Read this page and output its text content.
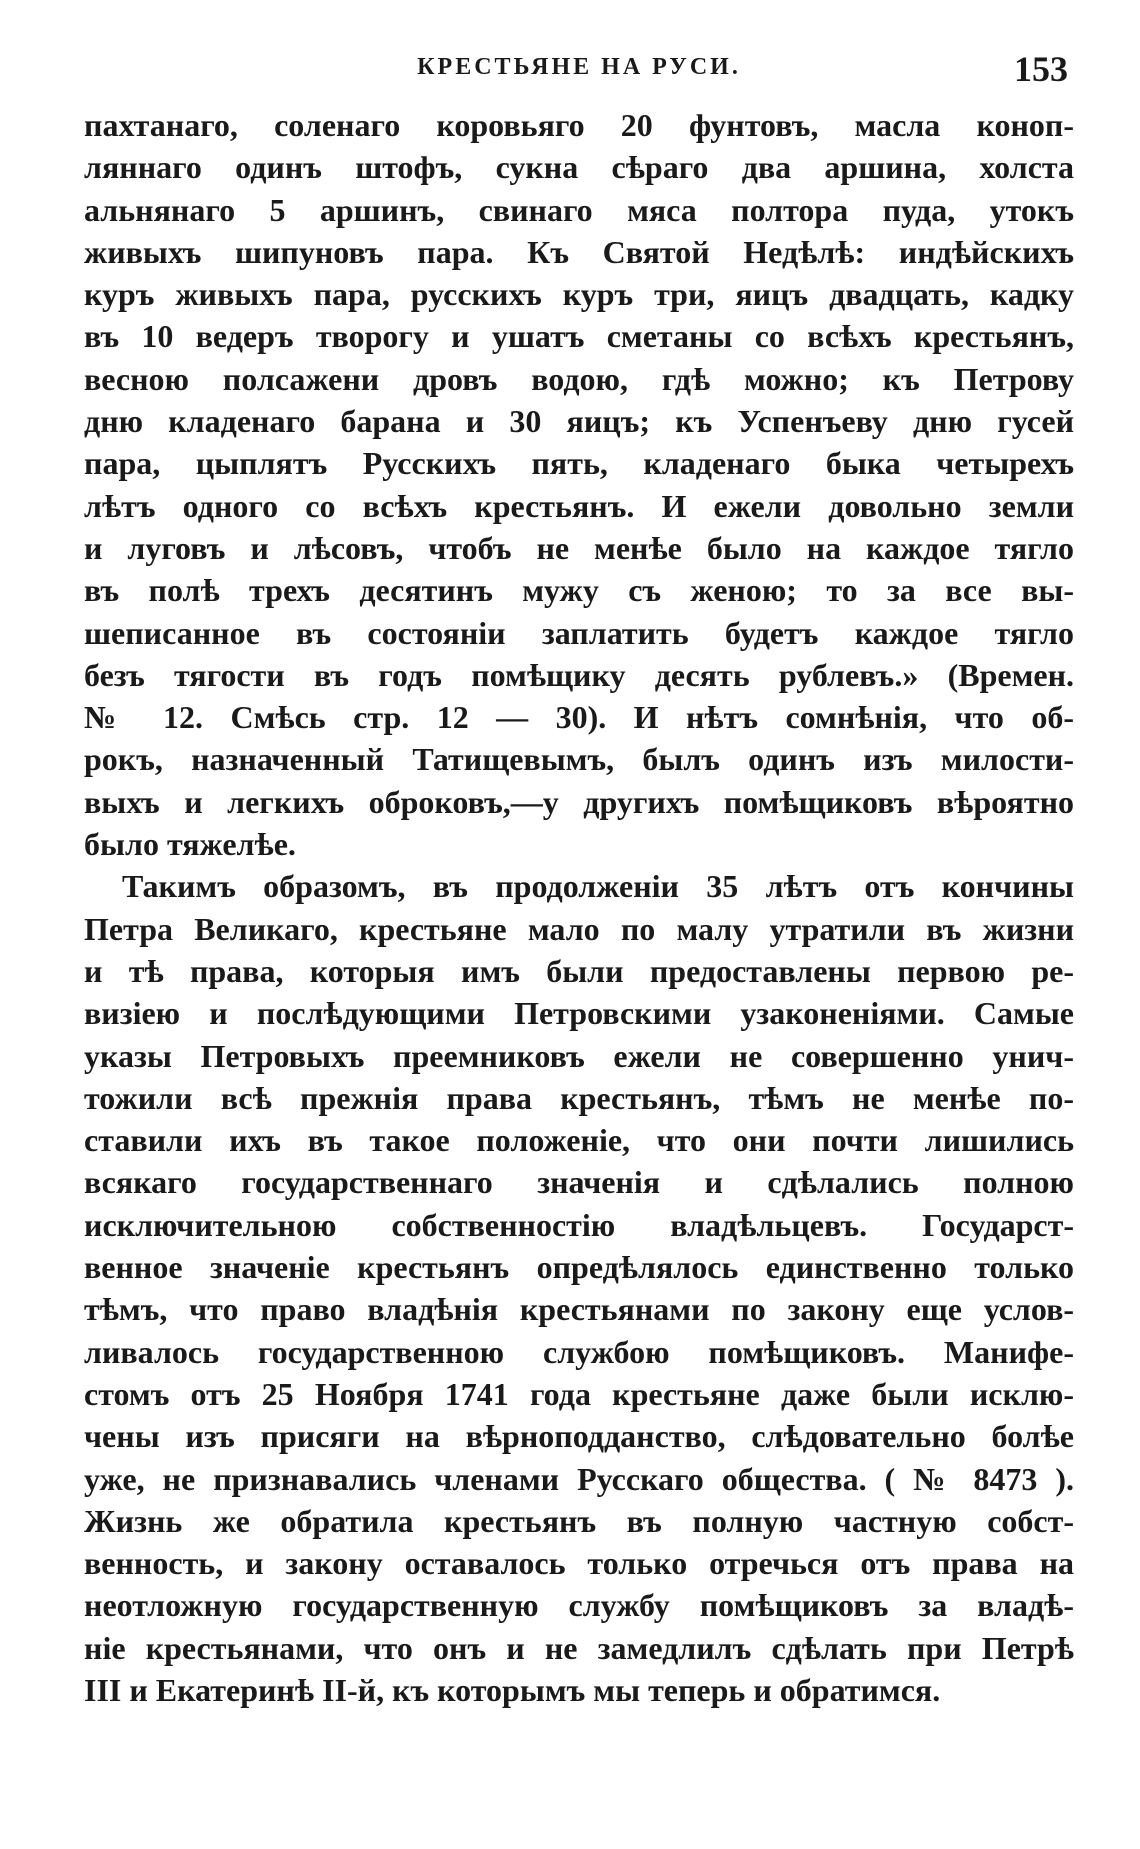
КРЕСТЬЯНЕ НА РУСИ.	153
пахтанаго, соленаго коровьяго 20 фунтовъ, масла коноп-
ляннаго одинъ штофъ, сукна сѣраго два аршина, холста
альнянаго 5 аршинъ, свинаго мяса полтора пуда, утокъ
живыхъ шипуновъ пара. Къ Святой Недѣлѣ: индѣйскихъ
куръ живыхъ пара, русскихъ куръ три, яицъ двадцать, кадку
въ 10 ведеръ творогу и ушатъ сметаны со всѣхъ крестьянъ,
весною полсажени дровъ водою, гдѣ можно; къ Петрову
дню кладенаго барана и 30 яицъ; къ Успенъеву дню гусей
пара, цыплятъ Русскихъ пять, кладенаго быка четырехъ
лѣтъ одного со всѣхъ крестьянъ. И ежели довольно земли
и луговъ и лѣсовъ, чтобъ не менѣе было на каждое тягло
въ полѣ трехъ десятинъ мужу съ женою; то за все вы-
шеписанное въ состоянiи заплатить будетъ каждое тягло
безъ тягости въ годъ помѣщику десять рублевъ.» (Времен.
№ 12. Смѣсь стр. 12 — 30). И нѣтъ сомнѣнiя, что об-
рокъ, назначенный Татищевымъ, былъ одинъ изъ милости-
выхъ и легкихъ оброковъ,—у другихъ помѣщиковъ вѣроятно
было тяжелѣе.
Такимъ образомъ, въ продолженiи 35 лѣтъ отъ кончины
Петра Великаго, крестьяне мало по малу утратили въ жизни
и тѣ права, которыя имъ были предоставлены первою ре-
визiею и послѣдующими Петровскими узаконенiями. Самые
указы Петровыхъ преемниковъ ежели не совершенно унич-
тожили всѣ прежнiя права крестьянъ, тѣмъ не менѣе по-
ставили ихъ въ такое положенiе, что они почти лишились
всякаго государственнаго значенiя и сдѣлались полною
исключительною собственностiю владѣльцевъ. Государст-
венное значенiе крестьянъ опредѣлялось единственно только
тѣмъ, что право владѣнiя крестьянами по закону еще услов-
ливалось государственною службою помѣщиковъ. Манифе-
стомъ отъ 25 Ноября 1741 года крестьяне даже были исклю-
чены изъ присяги на вѣрноподданство, слѣдовательно болѣе
уже, не признавались членами Русскаго общества. ( № 8473 ).
Жизнь же обратила крестьянъ въ полную частную собст-
венность, и закону оставалось только отречься отъ права на
неотложную государственную службу помѣщиковъ за владѣ-
нiе крестьянами, что онъ и не замедлилъ сдѣлать при Петрѣ
III и Екатеринѣ II-й, къ которымъ мы теперь и обратимся.
